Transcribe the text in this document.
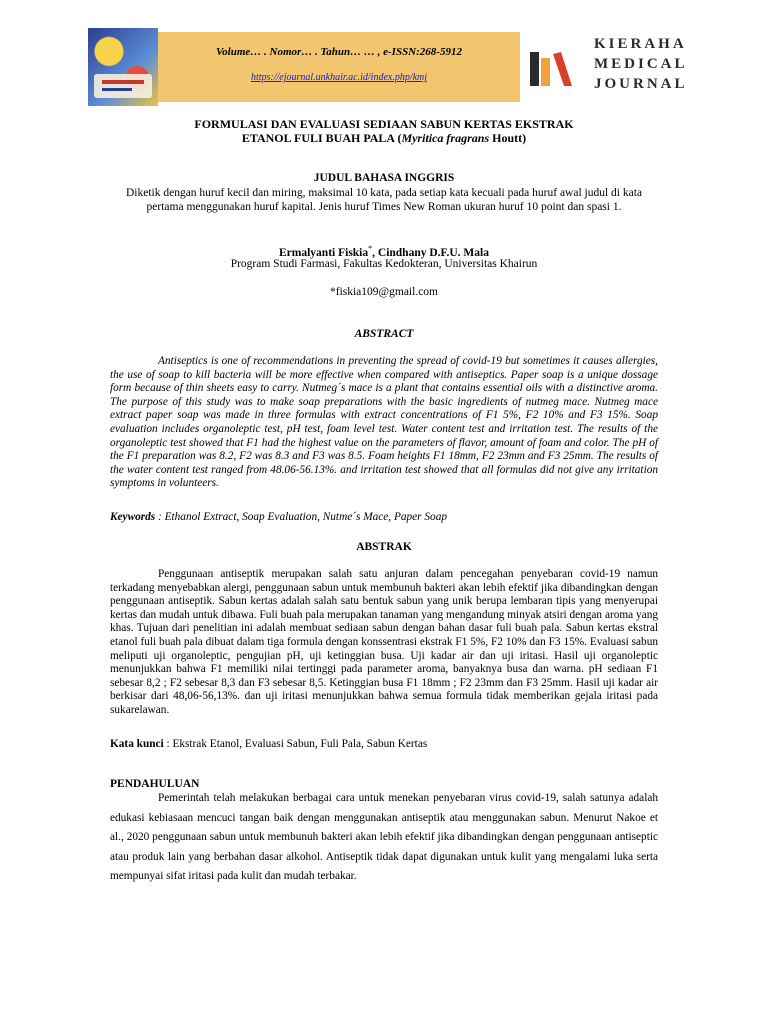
Volume… . Nomor… . Tahun… … , e-ISSN:268-5912
https://ejournal.unkhair.ac.id/index.php/kmj
KIERAHA
MEDICAL
JOURNAL
FORMULASI DAN EVALUASI SEDIAAN SABUN KERTAS EKSTRAK
ETANOL FULI BUAH PALA (Myritica fragrans Houtt)
JUDUL BAHASA INGGRIS
Diketik dengan huruf kecil dan miring, maksimal 10 kata, pada setiap kata kecuali pada huruf awal judul di kata pertama menggunakan huruf kapital. Jenis huruf Times New Roman ukuran huruf 10 point dan spasi 1.
Ermalyanti Fiskia*, Cindhany D.F.U. Mala
Program Studi Farmasi, Fakultas Kedokteran, Universitas Khairun
*fiskia109@gmail.com
ABSTRACT
Antiseptics is one of recommendations in preventing the spread of covid-19 but sometimes it causes allergies, the use of soap to kill bacteria will be more effective when compared with antiseptics. Paper soap is a unique dossage form because of thin sheets easy to carry. Nutmeg´s mace is a plant that contains essential oils with a distinctive aroma. The purpose of this study was to make soap preparations with the basic ingredients of nutmeg mace. Nutmeg mace extract paper soap was made in three formulas with extract concentrations of F1 5%, F2 10% and F3 15%. Soap evaluation includes organoleptic test, pH test, foam level test. Water content test and irritation test. The results of the organoleptic test showed that F1 had the highest value on the parameters of flavor, amount of foam and color. The pH of the F1 preparation was 8.2, F2 was 8.3 and F3 was 8.5. Foam heights F1 18mm, F2 23mm and F3 25mm. The results of the water content test ranged from 48.06-56.13%. and irritation test showed that all formulas did not give any irritation symptoms in volunteers.
Keywords : Ethanol Extract, Soap Evaluation, Nutme´s Mace, Paper Soap
ABSTRAK
Penggunaan antiseptik merupakan salah satu anjuran dalam pencegahan penyebaran covid-19 namun terkadang menyebabkan alergi, penggunaan sabun untuk membunuh bakteri akan lebih efektif jika dibandingkan dengan penggunaan antiseptik. Sabun kertas adalah salah satu bentuk sabun yang unik berupa lembaran tipis yang menyerupai kertas dan mudah untuk dibawa. Fuli buah pala merupakan tanaman yang mengandung minyak atsiri dengan aroma yang khas. Tujuan dari penelitian ini adalah membuat sediaan sabun dengan bahan dasar fuli buah pala. Sabun kertas ekstral etanol fuli buah pala dibuat dalam tiga formula dengan konssentrasi ekstrak F1 5%, F2 10% dan F3 15%. Evaluasi sabun meliputi uji organoleptic, pengujian pH, uji ketinggian busa. Uji kadar air dan uji iritasi. Hasil uji organoleptic menunjukkan bahwa F1 memiliki nilai tertinggi pada parameter aroma, banyaknya busa dan warna. pH sediaan F1 sebesar 8,2 ; F2 sebesar 8,3 dan F3 sebesar 8,5. Ketinggian busa F1 18mm ; F2 23mm dan F3 25mm. Hasil uji kadar air berkisar dari 48,06-56,13%. dan uji iritasi menunjukkan bahwa semua formula tidak memberikan gejala iritasi pada sukarelawan.
Kata kunci : Ekstrak Etanol, Evaluasi Sabun, Fuli Pala, Sabun Kertas
PENDAHULUAN
Pemerintah telah melakukan berbagai cara untuk menekan penyebaran virus covid-19, salah satunya adalah edukasi kebiasaan mencuci tangan baik dengan menggunakan antiseptik atau menggunakan sabun. Menurut Nakoe et al., 2020 penggunaan sabun untuk membunuh bakteri akan lebih efektif jika dibandingkan dengan penggunaan antiseptic atau produk lain yang berbahan dasar alkohol. Antiseptik tidak dapat digunakan untuk kulit yang mengalami luka serta mempunyai sifat iritasi pada kulit dan mudah terbakar.
